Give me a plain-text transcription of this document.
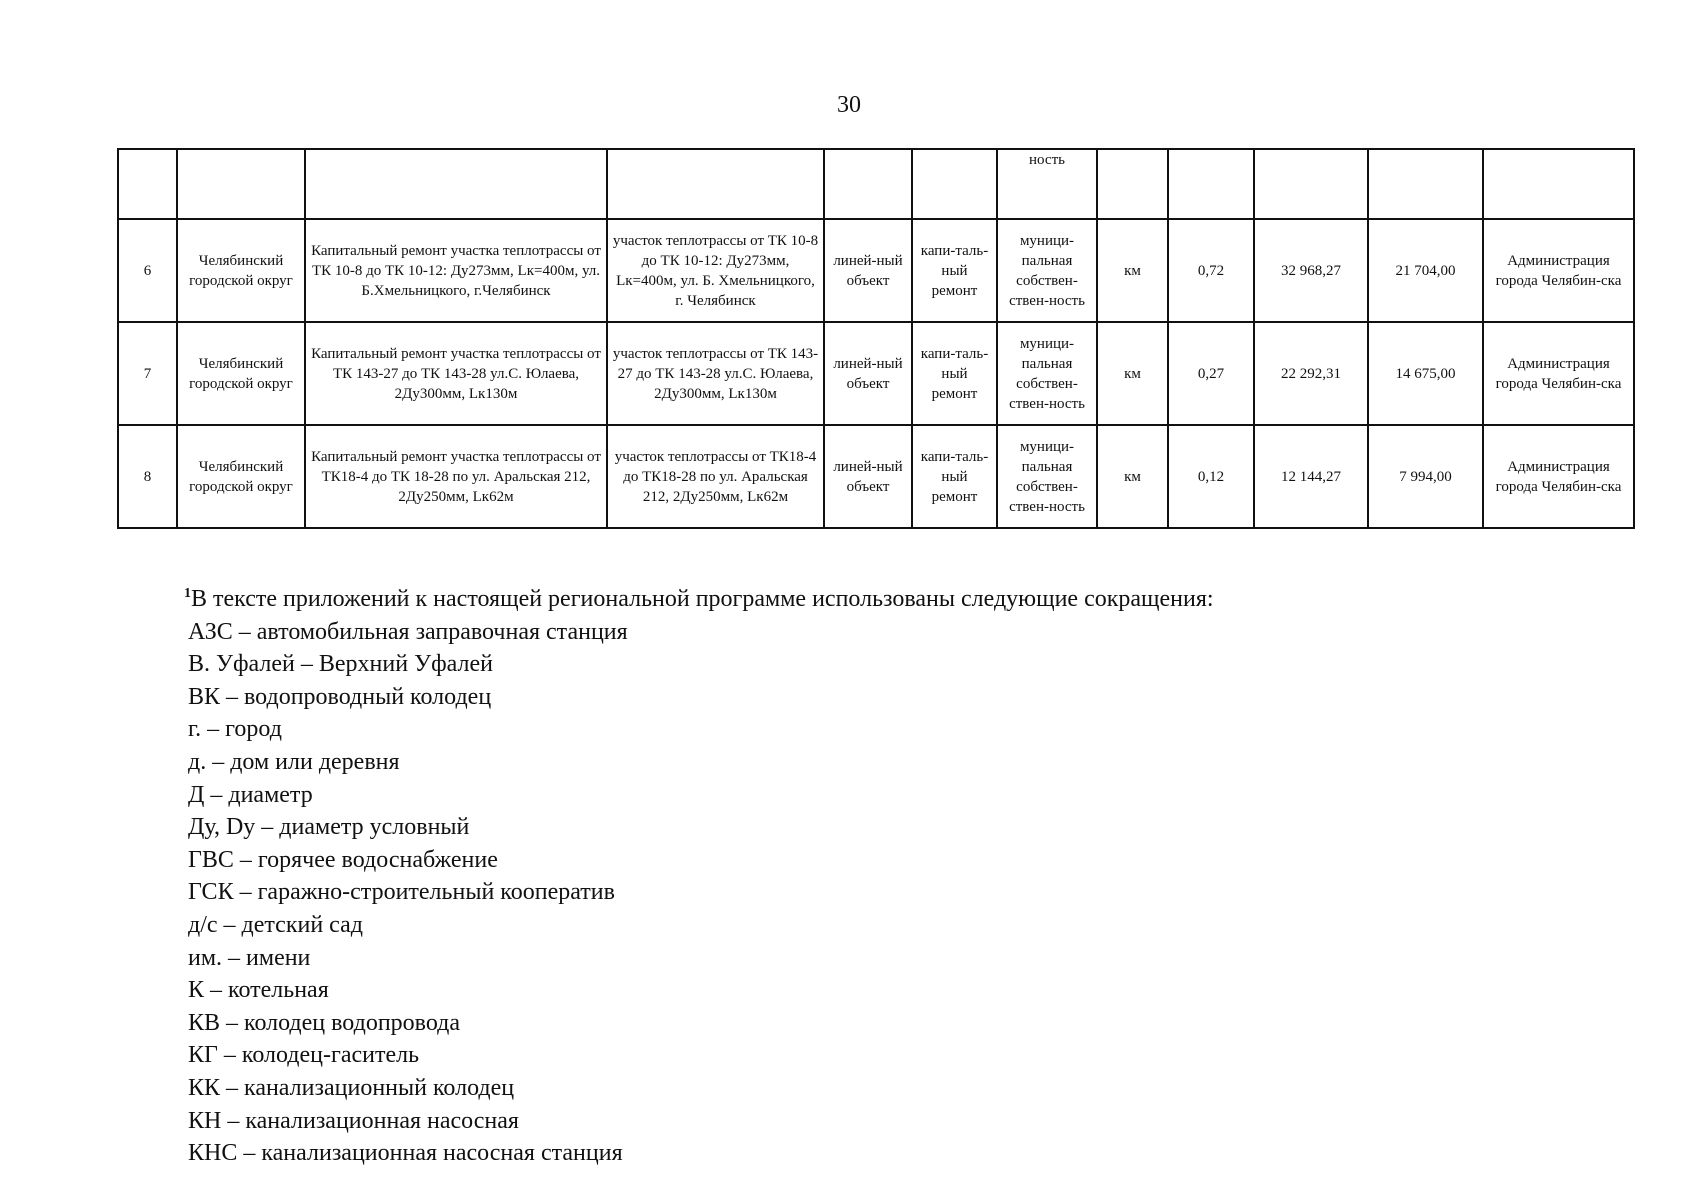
30
						ность					
6	Челябинский городской округ	Капитальный ремонт участка теплотрассы от ТК 10-8 до ТК 10-12: Ду273мм, Lк=400м, ул. Б.Хмельницкого, г.Челябинск	участок теплотрассы от ТК 10-8 до ТК 10-12: Ду273мм, Lк=400м, ул. Б. Хмельницкого, г. Челябинск	линей-ный объект	капи-таль-ный ремонт	муници-пальная собствен-ствен-ность	км	0,72	32 968,27	21 704,00	Администрация города Челябин-ска
7	Челябинский городской округ	Капитальный ремонт участка теплотрассы от ТК 143-27 до ТК 143-28 ул.С. Юлаева, 2Ду300мм, Lк130м	участок теплотрассы от ТК 143-27 до ТК 143-28 ул.С. Юлаева, 2Ду300мм, Lк130м	линей-ный объект	капи-таль-ный ремонт	муници-пальная собствен-ствен-ность	км	0,27	22 292,31	14 675,00	Администрация города Челябин-ска
8	Челябинский городской округ	Капитальный ремонт участка теплотрассы от ТК18-4 до ТК 18-28 по ул. Аральская 212, 2Ду250мм, Lк62м	участок теплотрассы от ТК18-4 до ТК18-28 по ул. Аральская 212, 2Ду250мм, Lк62м	линей-ный объект	капи-таль-ный ремонт	муници-пальная собствен-ствен-ность	км	0,12	12 144,27	7 994,00	Администрация города Челябин-ска
$^1$В тексте приложений к настоящей региональной программе использованы следующие сокращения:
АЗС – автомобильная заправочная станция
В. Уфалей – Верхний Уфалей
ВК – водопроводный колодец
г. – город
д. – дом или деревня
Д – диаметр
Ду, Dy – диаметр условный
ГВС – горячее водоснабжение
ГСК – гаражно-строительный кооператив
д/с – детский сад
им. – имени
К – котельная
КВ – колодец водопровода
КГ – колодец-гаситель
КК – канализационный колодец
КН – канализационная насосная
КНС – канализационная насосная станция
